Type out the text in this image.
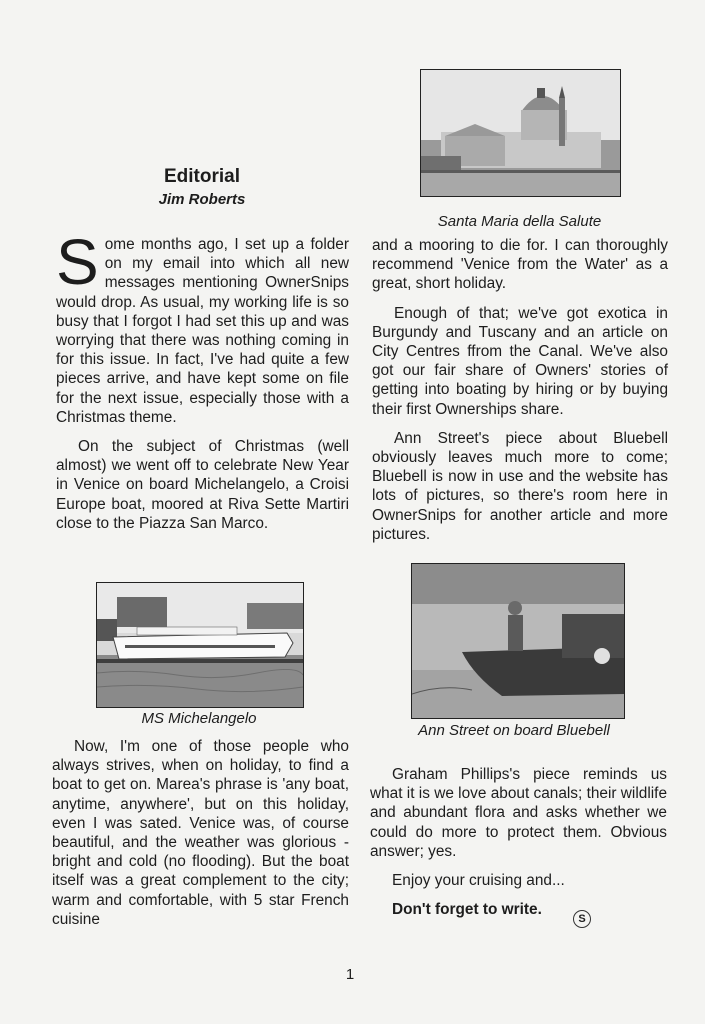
Editorial
Jim Roberts

Some months ago, I set up a folder on my email into which all new messages mentioning OwnerSnips would drop. As usual, my working life is so busy that I forgot I had set this up and was worrying that there was nothing coming in for this issue. In fact, I've had quite a few pieces arrive, and have kept some on file for the next issue, especially those with a Christmas theme.

On the subject of Christmas (well almost) we went off to celebrate New Year in Venice on board Michelangelo, a Croisi Europe boat, moored at Riva Sette Martiri close to the Piazza San Marco.

MS Michelangelo

Now, I'm one of those people who always strives, when on holiday, to find a boat to get on. Marea's phrase is 'any boat, anytime, anywhere', but on this holiday, even I was sated. Venice was, of course beautiful, and the weather was glorious - bright and cold (no flooding). But the boat itself was a great complement to the city; warm and comfortable, with 5 star French cuisine

Santa Maria della Salute

and a mooring to die for. I can thoroughly recommend 'Venice from the Water' as a great, short holiday.

Enough of that; we've got exotica in Burgundy and Tuscany and an article on City Centres ffrom the Canal. We've also got our fair share of Owners' stories of getting into boating by hiring or by buying their first Ownerships share.

Ann Street's piece about Bluebell obviously leaves much more to come; Bluebell is now in use and the website has lots of pictures, so there's room here in OwnerSnips for another article and more pictures.

Ann Street on board Bluebell

Graham Phillips's piece reminds us what it is we love about canals; their wildlife and abundant flora and asks whether we could do more to protect them. Obvious answer; yes.

Enjoy your cruising and...

Don't forget to write.

S
1
